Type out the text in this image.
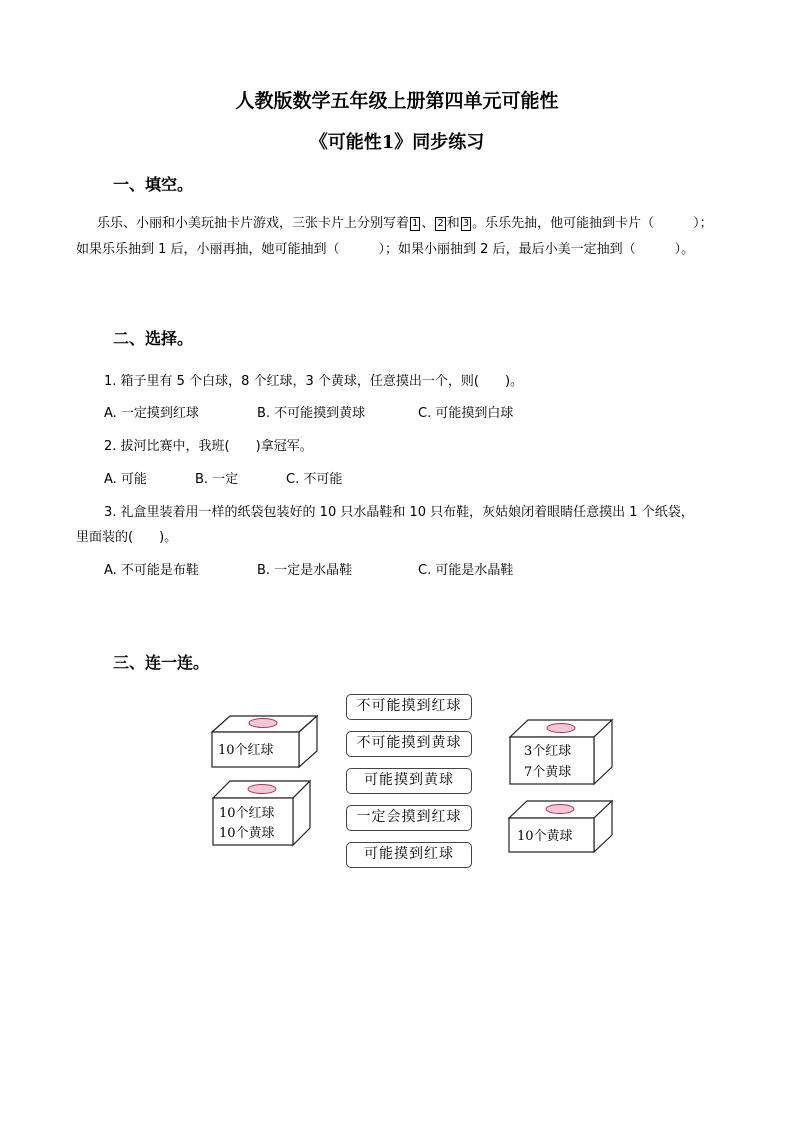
人教版数学五年级上册第四单元可能性
《可能性1》同步练习
一、填空。
乐乐、小丽和小美玩抽卡片游戏，三张卡片上分别写着 1 、 2 和 3 。乐乐先抽，他可能抽到卡片（　　　）；
如果乐乐抽到 1 后，小丽再抽，她可能抽到（　　　）；如果小丽抽到 2 后，最后小美一定抽到（　　　）。
二、选择。
1. 箱子里有 5 个白球，8 个红球，3 个黄球，任意摸出一个，则(　　)。
A. 一定摸到红球	B. 不可能摸到黄球	C. 可能摸到白球
2. 拔河比赛中，我班(　　)拿冠军。
A. 可能	B. 一定	C. 不可能
3. 礼盒里装着用一样的纸袋包装好的 10 只水晶鞋和 10 只布鞋，灰姑娘闭着眼睛任意摸出 1 个纸袋，
里面装的(　　)。
A. 不可能是布鞋	B. 一定是水晶鞋	C. 可能是水晶鞋
三、连一连。
10个红球
10个红球
10个黄球
3个红球
7个黄球
10个黄球
不可能摸到红球
不可能摸到黄球
可能摸到黄球
一定会摸到红球
可能摸到红球
